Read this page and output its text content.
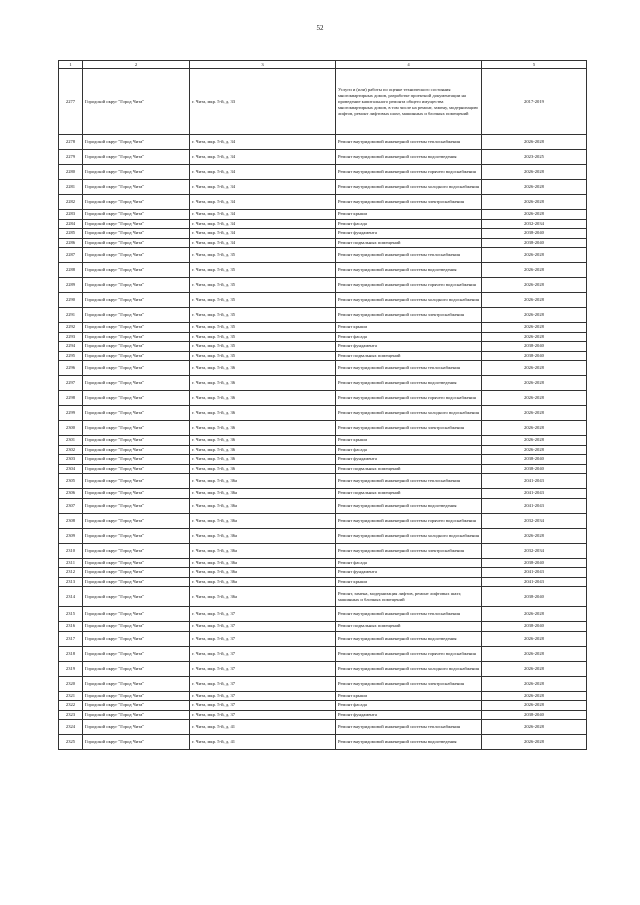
52
1	2	3	4	5
2277	Городской округ "Город Чита"	г. Чита, мкр. 5-й, д. 33	Услуги и (или) работы по оценке технического состояния многоквартирных домов, разработке проектной документации на проведение капитального ремонта общего имущества многоквартирных домов, в том числе на ремонт, замену, модернизацию лифтов, ремонт лифтовых шахт, машинных и блочных помещений	2017-2019
2278	Городской округ "Город Чита"	г. Чита, мкр. 5-й, д. 34	Ремонт внутридомовой инженерной системы теплоснабжения	2026-2028
2279	Городской округ "Город Чита"	г. Чита, мкр. 5-й, д. 34	Ремонт внутридомовой инженерной системы водоотведения	2023-2025
2280	Городской округ "Город Чита"	г. Чита, мкр. 5-й, д. 34	Ремонт внутридомовой инженерной системы горячего водоснабжения	2026-2028
2281	Городской округ "Город Чита"	г. Чита, мкр. 5-й, д. 34	Ремонт внутридомовой инженерной системы холодного водоснабжения	2026-2028
2282	Городской округ "Город Чита"	г. Чита, мкр. 5-й, д. 34	Ремонт внутридомовой инженерной системы электроснабжения	2026-2028
2283	Городской округ "Город Чита"	г. Чита, мкр. 5-й, д. 34	Ремонт крыши	2026-2028
2284	Городской округ "Город Чита"	г. Чита, мкр. 5-й, д. 34	Ремонт фасада	2032-2034
2285	Городской округ "Город Чита"	г. Чита, мкр. 5-й, д. 34	Ремонт фундамента	2038-2040
2286	Городской округ "Город Чита"	г. Чита, мкр. 5-й, д. 34	Ремонт подвальных помещений	2038-2040
2287	Городской округ "Город Чита"	г. Чита, мкр. 5-й, д. 35	Ремонт внутридомовой инженерной системы теплоснабжения	2026-2028
2288	Городской округ "Город Чита"	г. Чита, мкр. 5-й, д. 35	Ремонт внутридомовой инженерной системы водоотведения	2026-2028
2289	Городской округ "Город Чита"	г. Чита, мкр. 5-й, д. 35	Ремонт внутридомовой инженерной системы горячего водоснабжения	2026-2028
2290	Городской округ "Город Чита"	г. Чита, мкр. 5-й, д. 35	Ремонт внутридомовой инженерной системы холодного водоснабжения	2026-2028
2291	Городской округ "Город Чита"	г. Чита, мкр. 5-й, д. 35	Ремонт внутридомовой инженерной системы электроснабжения	2026-2028
2292	Городской округ "Город Чита"	г. Чита, мкр. 5-й, д. 35	Ремонт крыши	2026-2028
2293	Городской округ "Город Чита"	г. Чита, мкр. 5-й, д. 35	Ремонт фасада	2026-2028
2294	Городской округ "Город Чита"	г. Чита, мкр. 5-й, д. 35	Ремонт фундамента	2038-2040
2295	Городской округ "Город Чита"	г. Чита, мкр. 5-й, д. 35	Ремонт подвальных помещений	2038-2040
2296	Городской округ "Город Чита"	г. Чита, мкр. 5-й, д. 36	Ремонт внутридомовой инженерной системы теплоснабжения	2026-2028
2297	Городской округ "Город Чита"	г. Чита, мкр. 5-й, д. 36	Ремонт внутридомовой инженерной системы водоотведения	2026-2028
2298	Городской округ "Город Чита"	г. Чита, мкр. 5-й, д. 36	Ремонт внутридомовой инженерной системы горячего водоснабжения	2026-2028
2299	Городской округ "Город Чита"	г. Чита, мкр. 5-й, д. 36	Ремонт внутридомовой инженерной системы холодного водоснабжения	2026-2028
2300	Городской округ "Город Чита"	г. Чита, мкр. 5-й, д. 36	Ремонт внутридомовой инженерной системы электроснабжения	2026-2028
2301	Городской округ "Город Чита"	г. Чита, мкр. 5-й, д. 36	Ремонт крыши	2026-2028
2302	Городской округ "Город Чита"	г. Чита, мкр. 5-й, д. 36	Ремонт фасада	2026-2028
2303	Городской округ "Город Чита"	г. Чита, мкр. 5-й, д. 36	Ремонт фундамента	2038-2040
2304	Городской округ "Город Чита"	г. Чита, мкр. 5-й, д. 36	Ремонт подвальных помещений	2038-2040
2305	Городской округ "Город Чита"	г. Чита, мкр. 5-й, д. 36а	Ремонт внутридомовой инженерной системы теплоснабжения	2041-2043
2306	Городской округ "Город Чита"	г. Чита, мкр. 5-й, д. 36а	Ремонт подвальных помещений	2041-2043
2307	Городской округ "Город Чита"	г. Чита, мкр. 5-й, д. 36а	Ремонт внутридомовой инженерной системы водоотведения	2041-2043
2308	Городской округ "Город Чита"	г. Чита, мкр. 5-й, д. 36а	Ремонт внутридомовой инженерной системы горячего водоснабжения	2032-2034
2309	Городской округ "Город Чита"	г. Чита, мкр. 5-й, д. 36а	Ремонт внутридомовой инженерной системы холодного водоснабжения	2026-2028
2310	Городской округ "Город Чита"	г. Чита, мкр. 5-й, д. 36а	Ремонт внутридомовой инженерной системы электроснабжения	2032-2034
2311	Городской округ "Город Чита"	г. Чита, мкр. 5-й, д. 36а	Ремонт фасада	2038-2040
2312	Городской округ "Город Чита"	г. Чита, мкр. 5-й, д. 36а	Ремонт фундамента	2041-2043
2313	Городской округ "Город Чита"	г. Чита, мкр. 5-й, д. 36а	Ремонт крыши	2041-2043
2314	Городской округ "Город Чита"	г. Чита, мкр. 5-й, д. 36а	Ремонт, замена, модернизация лифтов, ремонт лифтовых шахт, машинных и блочных помещений	2038-2040
2315	Городской округ "Город Чита"	г. Чита, мкр. 5-й, д. 37	Ремонт внутридомовой инженерной системы теплоснабжения	2026-2028
2316	Городской округ "Город Чита"	г. Чита, мкр. 5-й, д. 37	Ремонт подвальных помещений	2038-2040
2317	Городской округ "Город Чита"	г. Чита, мкр. 5-й, д. 37	Ремонт внутридомовой инженерной системы водоотведения	2026-2028
2318	Городской округ "Город Чита"	г. Чита, мкр. 5-й, д. 37	Ремонт внутридомовой инженерной системы горячего водоснабжения	2026-2028
2319	Городской округ "Город Чита"	г. Чита, мкр. 5-й, д. 37	Ремонт внутридомовой инженерной системы холодного водоснабжения	2026-2028
2320	Городской округ "Город Чита"	г. Чита, мкр. 5-й, д. 37	Ремонт внутридомовой инженерной системы электроснабжения	2026-2028
2321	Городской округ "Город Чита"	г. Чита, мкр. 5-й, д. 37	Ремонт крыши	2026-2028
2322	Городской округ "Город Чита"	г. Чита, мкр. 5-й, д. 37	Ремонт фасада	2026-2028
2323	Городской округ "Город Чита"	г. Чита, мкр. 5-й, д. 37	Ремонт фундамента	2038-2040
2324	Городской округ "Город Чита"	г. Чита, мкр. 5-й, д. 41	Ремонт внутридомовой инженерной системы теплоснабжения	2026-2028
2325	Городской округ "Город Чита"	г. Чита, мкр. 5-й, д. 41	Ремонт внутридомовой инженерной системы водоотведения	2026-2028
